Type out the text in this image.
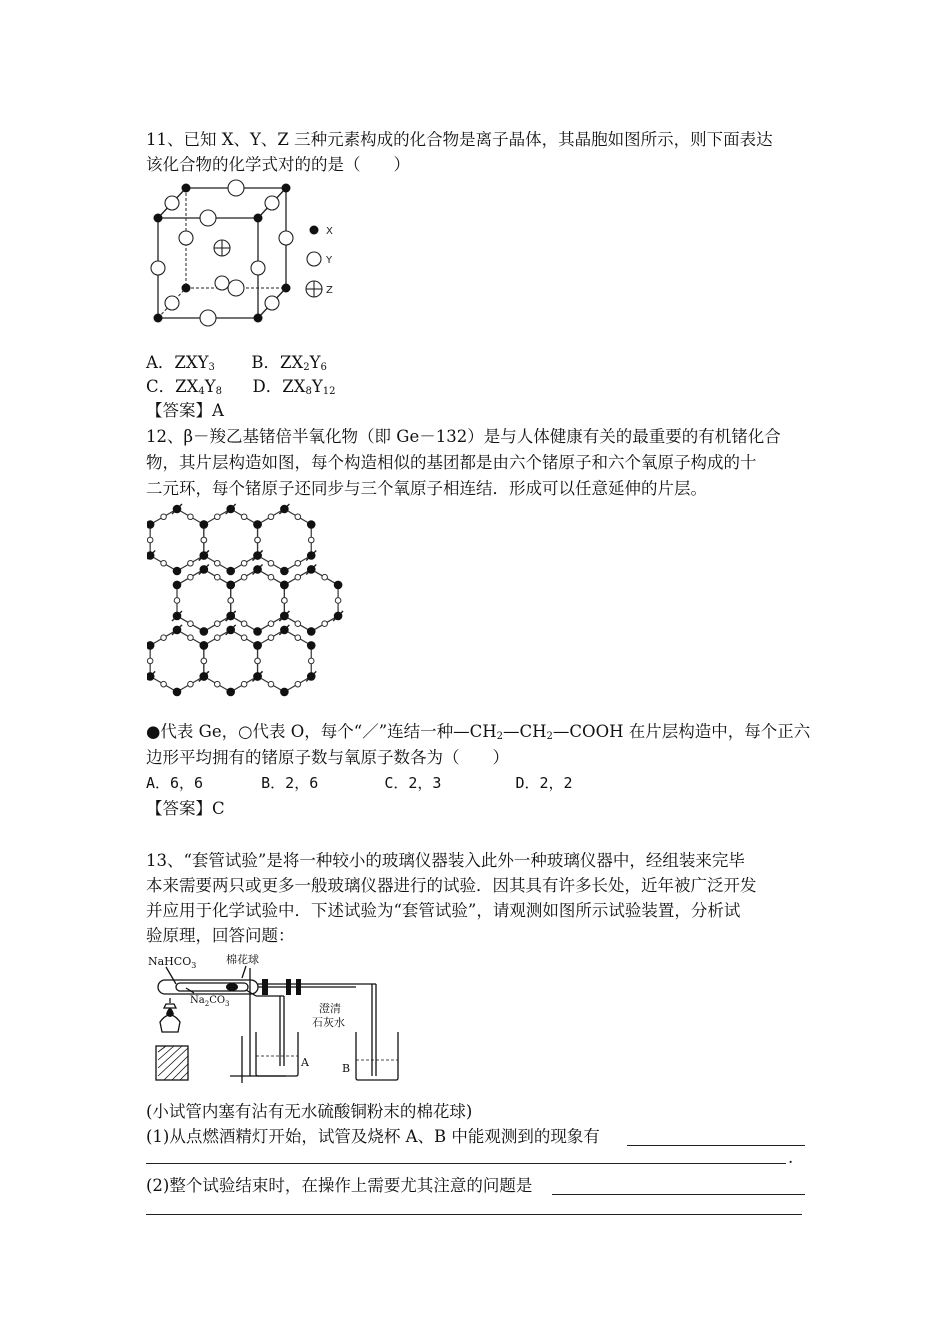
11、已知 X、Y、Z 三种元素构成的化合物是离子晶体，其晶胞如图所示，则下面表达
该化合物的化学式对的的是（　　）
X
Y
Z
A．$ZXY_3$ B．$ZX_2Y_6$
C．$ZX_4Y_8$ D．$ZX_8Y_{12}$
【答案】A
12、β－羧乙基锗倍半氧化物（即 Ge－132）是与人体健康有关的最重要的有机锗化合
物，其片层构造如图，每个构造相似的基团都是由六个锗原子和六个氧原子构成的十
二元环，每个锗原子还同步与三个氧原子相连结．形成可以任意延伸的片层。
●代表 Ge，○代表 O，每个“／”连结一种$—CH_2—CH_2—COOH$ 在片层构造中，每个正六
边形平均拥有的锗原子数与氧原子数各为（　　）
A．6，6	B．2，6	C．2，3	D．2，2
【答案】C
13、“套管试验”是将一种较小的玻璃仪器装入此外一种玻璃仪器中，经组装来完毕
本来需要两只或更多一般玻璃仪器进行的试验．因其具有许多长处，近年被广泛开发
并应用于化学试验中．下述试验为“套管试验”，请观测如图所示试验装置，分析试
验原理，回答问题：
NaHCO$_3$	棉花球
$Na_2CO_3$	澄清
石灰水
A	B
(小试管内塞有沾有无水硫酸铜粉末的棉花球)
(1)从点燃酒精灯开始，试管及烧杯 A、B 中能观测到的现象有
.
(2)整个试验结束时，在操作上需要尤其注意的问题是
